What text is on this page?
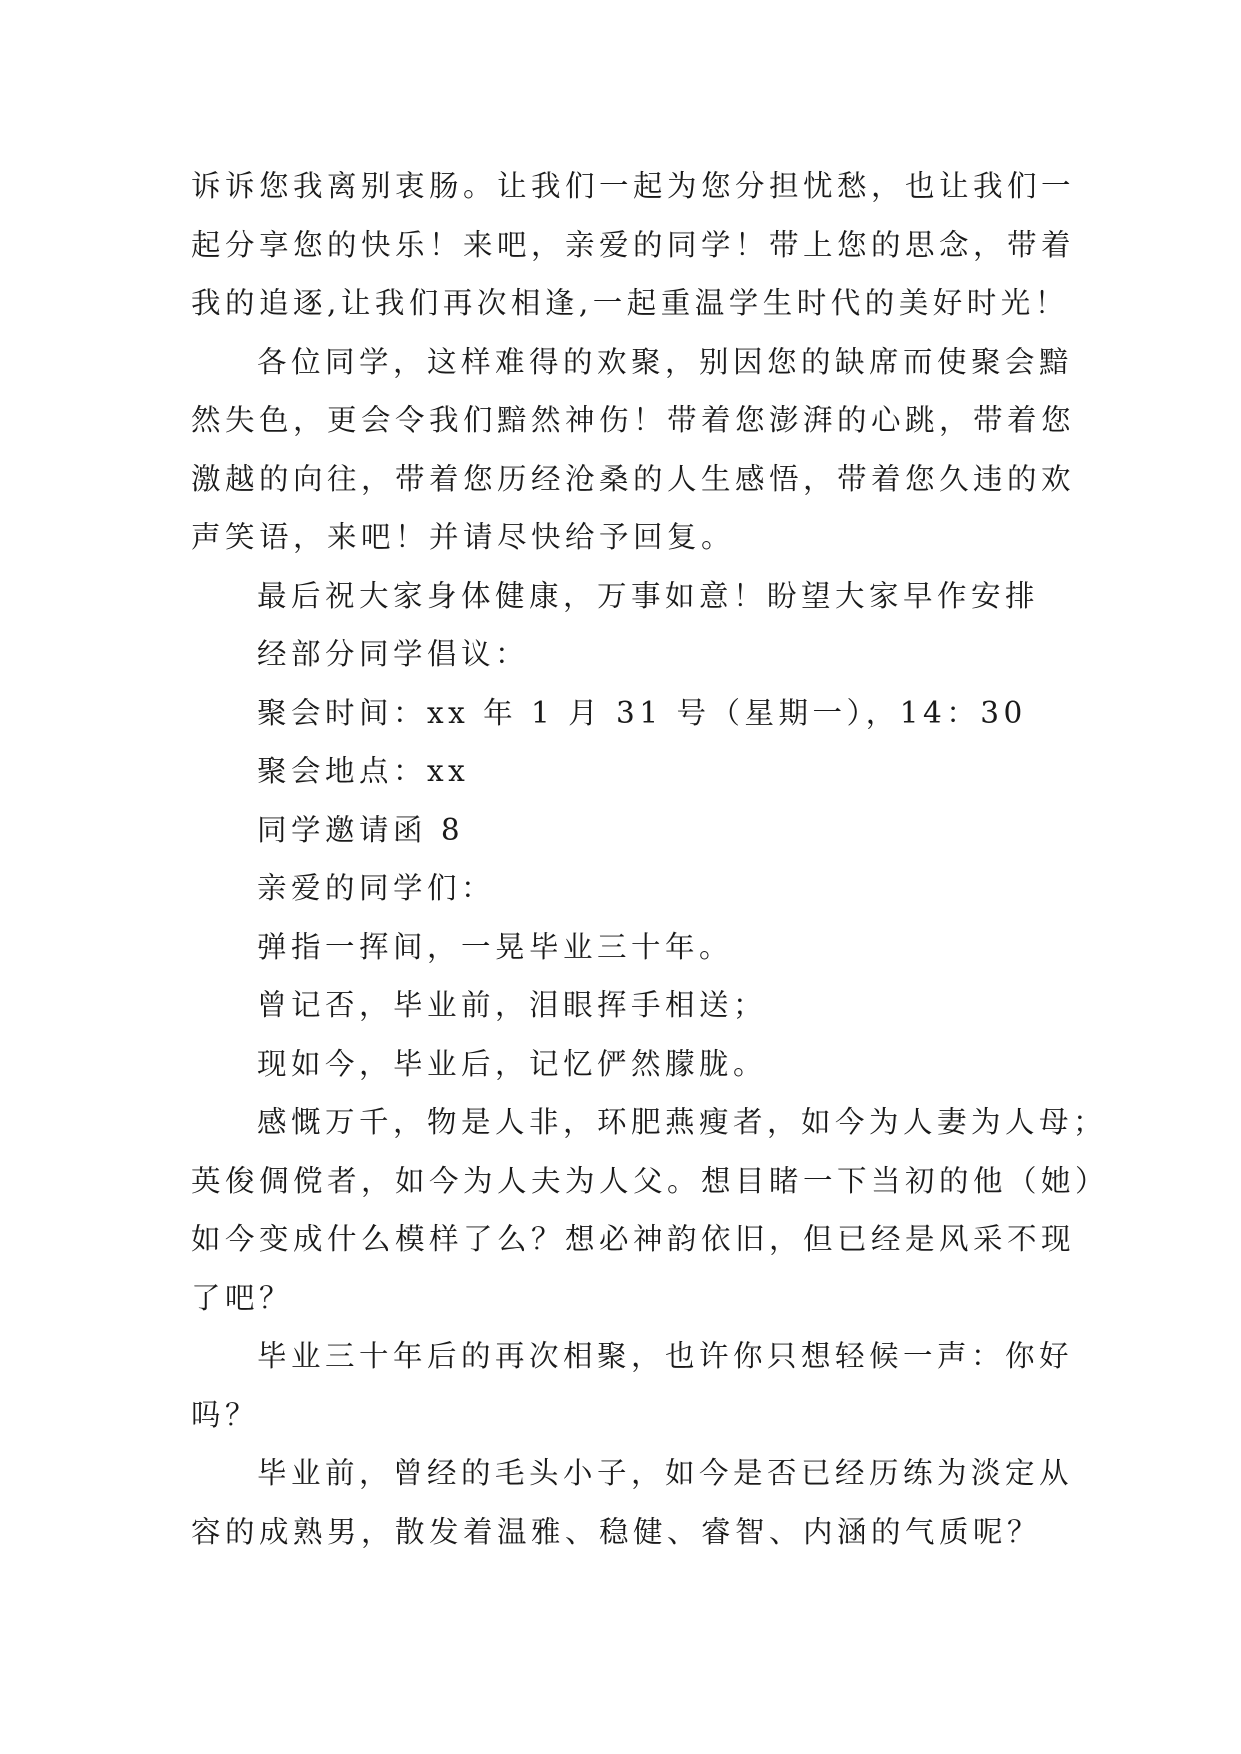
诉诉您我离别衷肠。让我们一起为您分担忧愁，也让我们一
起分享您的快乐！来吧，亲爱的同学！带上您的思念，带着
我的追逐,让我们再次相逢,一起重温学生时代的美好时光！
各位同学，这样难得的欢聚，别因您的缺席而使聚会黯
然失色，更会令我们黯然神伤！带着您澎湃的心跳，带着您
激越的向往，带着您历经沧桑的人生感悟，带着您久违的欢
声笑语，来吧！并请尽快给予回复。
最后祝大家身体健康，万事如意！盼望大家早作安排
经部分同学倡议：
聚会时间：xx 年 1 月 31 号（星期一），14：30
聚会地点：xx
同学邀请函 8
亲爱的同学们：
弹指一挥间，一晃毕业三十年。
曾记否，毕业前，泪眼挥手相送；
现如今，毕业后，记忆俨然朦胧。
感慨万千，物是人非，环肥燕瘦者，如今为人妻为人母；
英俊倜傥者，如今为人夫为人父。想目睹一下当初的他（她）
如今变成什么模样了么？想必神韵依旧，但已经是风采不现
了吧？
毕业三十年后的再次相聚，也许你只想轻候一声：你好
吗？
毕业前，曾经的毛头小子，如今是否已经历练为淡定从
容的成熟男，散发着温雅、稳健、睿智、内涵的气质呢？
